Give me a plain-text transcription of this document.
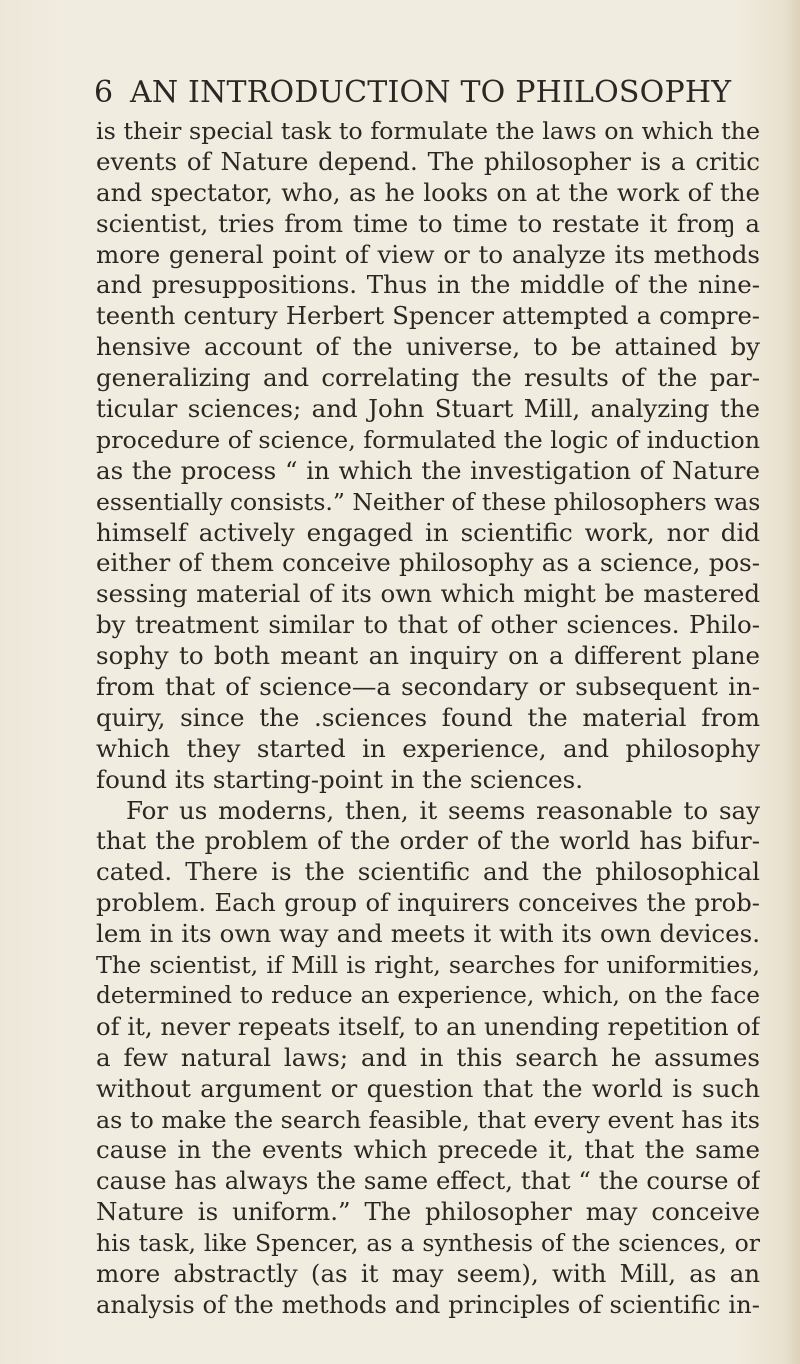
6 AN INTRODUCTION TO PHILOSOPHY
is their special task to formulate the laws on which the
events of Nature depend. The philosopher is a critic
and spectator, who, as he looks on at the work of the
scientist, tries from time to time to restate it froɱ a
more general point of view or to analyze its methods
and presuppositions. Thus in the middle of the nine-
teenth century Herbert Spencer attempted a compre-
hensive account of the universe, to be attained by
generalizing and correlating the results of the par-
ticular sciences; and John Stuart Mill, analyzing the
procedure of science, formulated the logic of induction
as the process “ in which the investigation of Nature
essentially consists.” Neither of these philosophers was
himself actively engaged in scientific work, nor did
either of them conceive philosophy as a science, pos-
sessing material of its own which might be mastered
by treatment similar to that of other sciences. Philo-
sophy to both meant an inquiry on a different plane
from that of science—a secondary or subsequent in-
quiry, since the .sciences found the material from
which they started in experience, and philosophy
found its starting-point in the sciences.
For us moderns, then, it seems reasonable to say
that the problem of the order of the world has bifur-
cated. There is the scientific and the philosophical
problem. Each group of inquirers conceives the prob-
lem in its own way and meets it with its own devices.
The scientist, if Mill is right, searches for uniformities,
determined to reduce an experience, which, on the face
of it, never repeats itself, to an unending repetition of
a few natural laws; and in this search he assumes
without argument or question that the world is such
as to make the search feasible, that every event has its
cause in the events which precede it, that the same
cause has always the same effect, that “ the course of
Nature is uniform.” The philosopher may conceive
his task, like Spencer, as a synthesis of the sciences, or
more abstractly (as it may seem), with Mill, as an
analysis of the methods and principles of scientific in-
